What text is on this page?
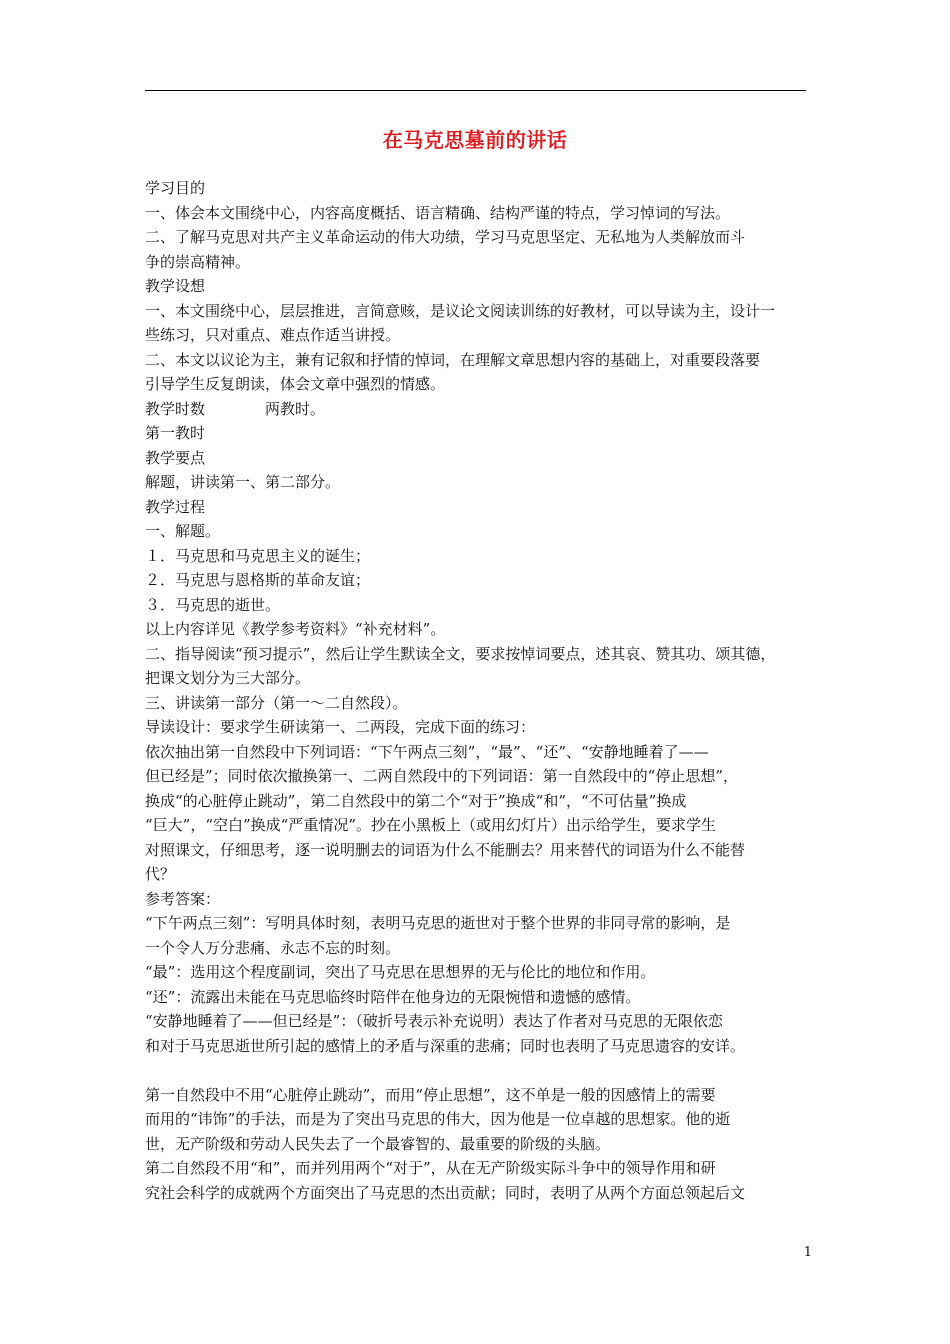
在马克思墓前的讲话
学习目的
一、体会本文围绕中心，内容高度概括、语言精确、结构严谨的特点，学习悼词的写法。
二、了解马克思对共产主义革命运动的伟大功绩，学习马克思坚定、无私地为人类解放而斗
争的崇高精神。
教学设想
一、本文围绕中心，层层推进，言简意赅，是议论文阅读训练的好教材，可以导读为主，设计一
些练习，只对重点、难点作适当讲授。
二、本文以议论为主，兼有记叙和抒情的悼词，在理解文章思想内容的基础上，对重要段落要
引导学生反复朗读，体会文章中强烈的情感。
教学时数　　　　两教时。
第一教时
教学要点
解题，讲读第一、第二部分。
教学过程
一、解题。
１．马克思和马克思主义的诞生；
２．马克思与恩格斯的革命友谊；
３．马克思的逝世。
以上内容详见《教学参考资料》“补充材料”。
二、指导阅读“预习提示”，然后让学生默读全文，要求按悼词要点，述其哀、赞其功、颂其德，
把课文划分为三大部分。
三、讲读第一部分（第一～二自然段）。
导读设计：要求学生研读第一、二两段，完成下面的练习：
依次抽出第一自然段中下列词语：“下午两点三刻”，“最”、“还”、“安静地睡着了——
但已经是”；同时依次撤换第一、二两自然段中的下列词语：第一自然段中的“停止思想”，
换成“的心脏停止跳动”，第二自然段中的第二个“对于”换成“和”，“不可估量”换成
“巨大”，“空白”换成“严重情况”。抄在小黑板上（或用幻灯片）出示给学生，要求学生
对照课文，仔细思考，逐一说明删去的词语为什么不能删去？用来替代的词语为什么不能替
代？
参考答案：
“下午两点三刻”：写明具体时刻，表明马克思的逝世对于整个世界的非同寻常的影响，是
一个令人万分悲痛、永志不忘的时刻。
“最”：选用这个程度副词，突出了马克思在思想界的无与伦比的地位和作用。
“还”：流露出未能在马克思临终时陪伴在他身边的无限惋惜和遗憾的感情。
“安静地睡着了——但已经是”：（破折号表示补充说明）表达了作者对马克思的无限依恋
和对于马克思逝世所引起的感情上的矛盾与深重的悲痛；同时也表明了马克思遗容的安详。
第一自然段中不用“心脏停止跳动”，而用“停止思想”，这不单是一般的因感情上的需要
而用的“讳饰”的手法，而是为了突出马克思的伟大，因为他是一位卓越的思想家。他的逝
世，无产阶级和劳动人民失去了一个最睿智的、最重要的阶级的头脑。
第二自然段不用“和”，而并列用两个“对于”，从在无产阶级实际斗争中的领导作用和研
究社会科学的成就两个方面突出了马克思的杰出贡献；同时，表明了从两个方面总领起后文
1
